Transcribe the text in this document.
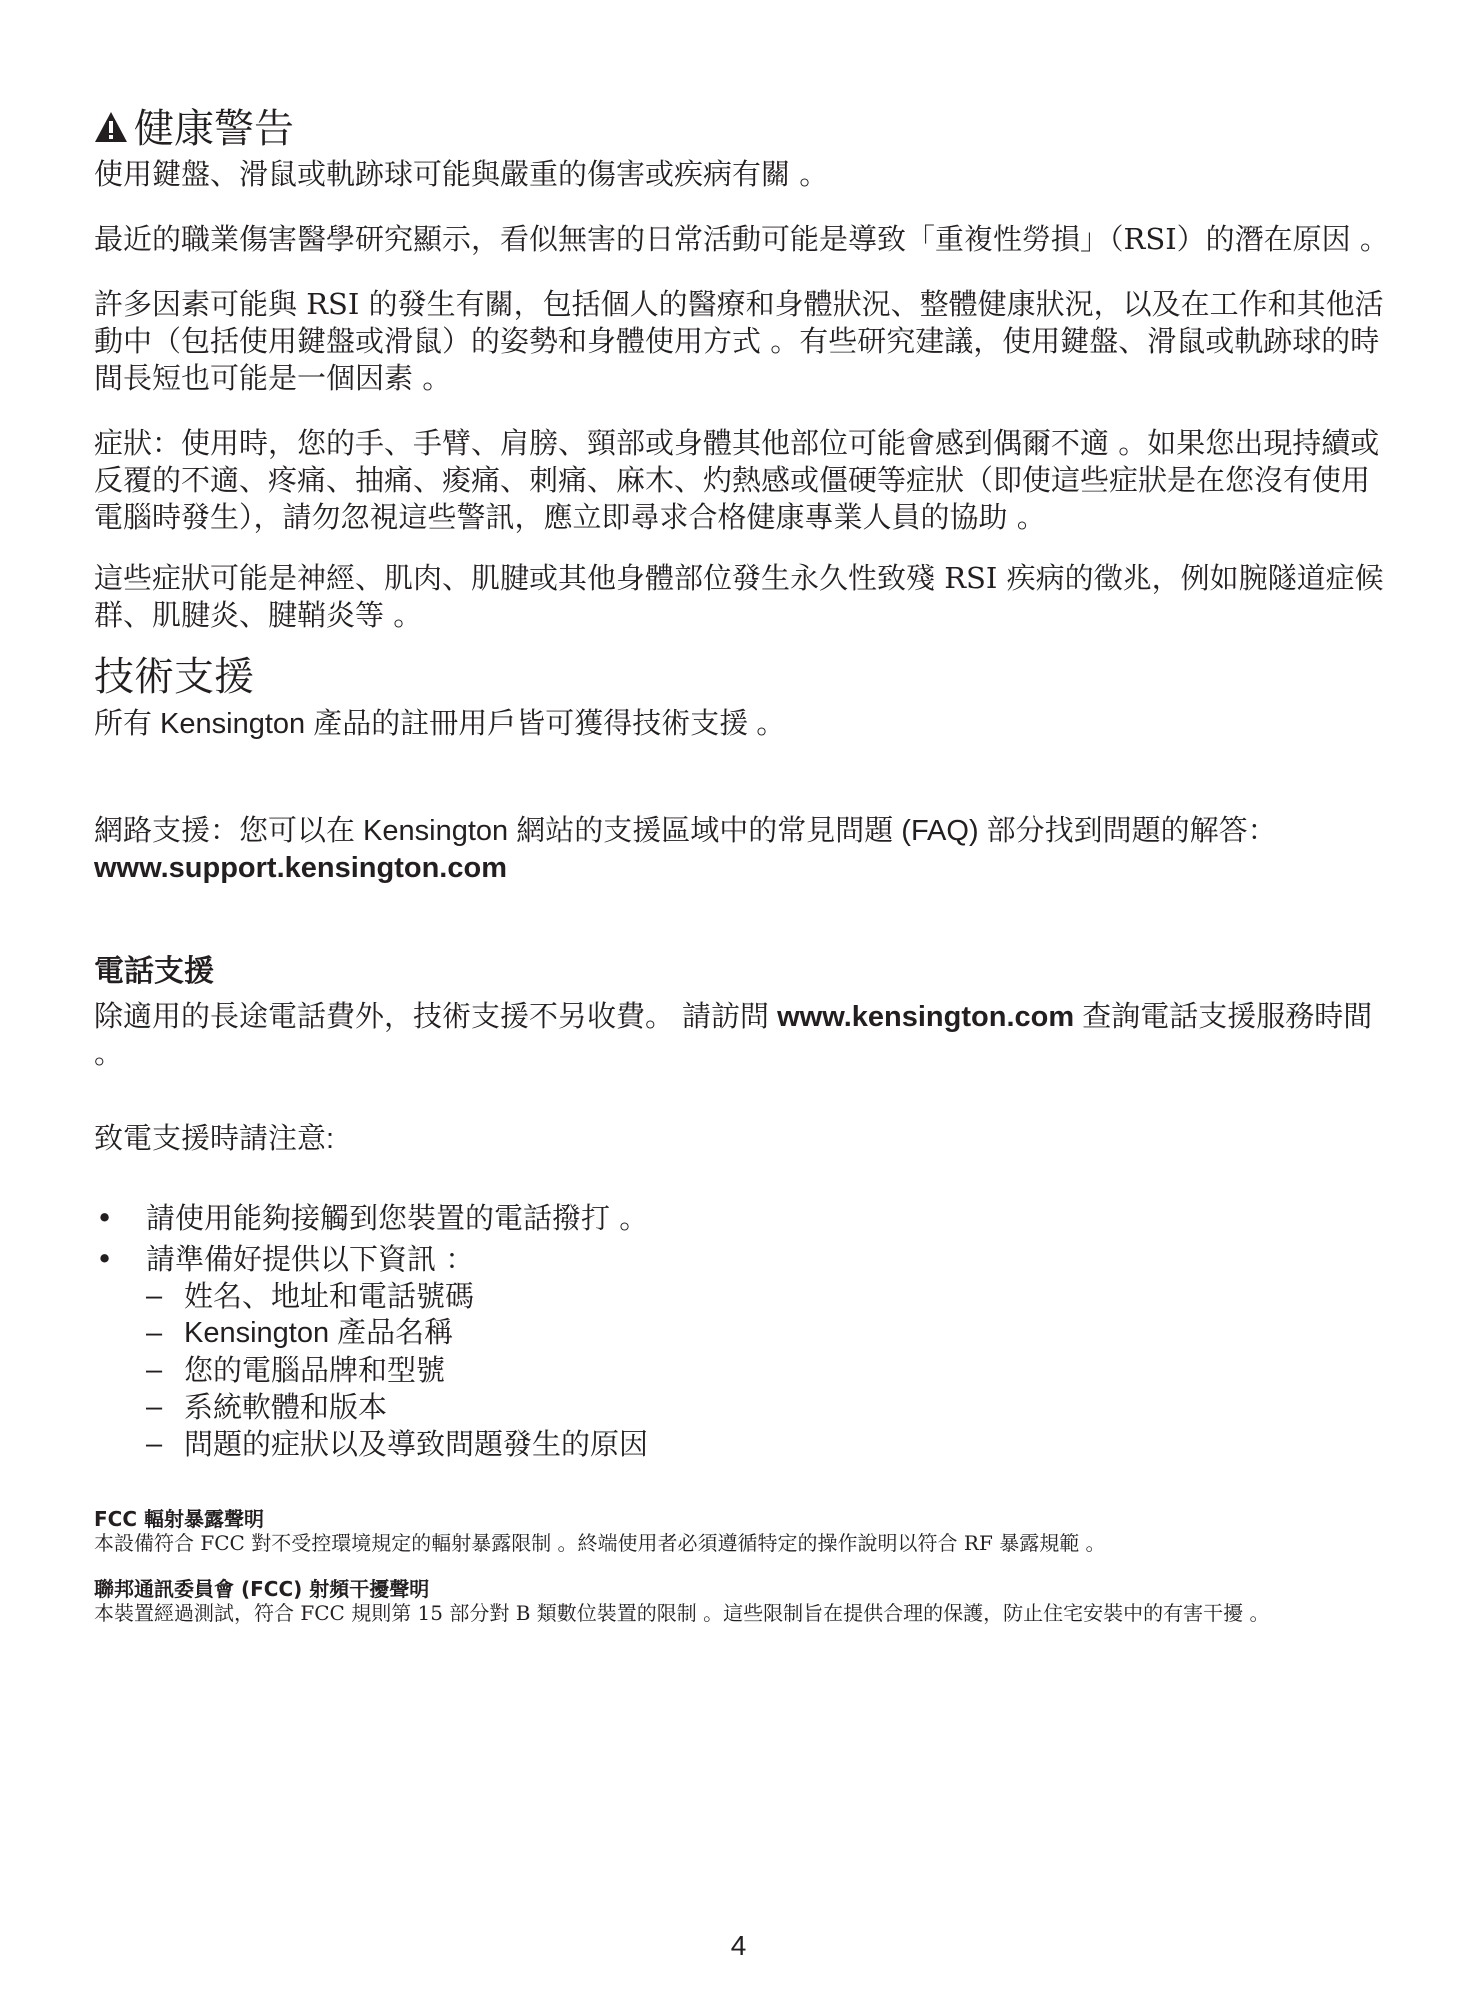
健康警告

使用鍵盤、滑鼠或軌跡球可能與嚴重的傷害或疾病有關 。

最近的職業傷害醫學研究顯示，看似無害的日常活動可能是導致「重複性勞損」（RSI）的潛在原因 。

許多因素可能與 RSI 的發生有關，包括個人的醫療和身體狀況、整體健康狀況，以及在工作和其他活動中（包括使用鍵盤或滑鼠）的姿勢和身體使用方式 。有些研究建議，使用鍵盤、滑鼠或軌跡球的時間長短也可能是一個因素 。

症狀：使用時，您的手、手臂、肩膀、頸部或身體其他部位可能會感到偶爾不適 。如果您出現持續或反覆的不適、疼痛、抽痛、痠痛、刺痛、麻木、灼熱感或僵硬等症狀（即使這些症狀是在您沒有使用電腦時發生），請勿忽視這些警訊，應立即尋求合格健康專業人員的協助 。

這些症狀可能是神經、肌肉、肌腱或其他身體部位發生永久性致殘 RSI 疾病的徵兆，例如腕隧道症候群、肌腱炎、腱鞘炎等 。

技術支援

所有 Kensington 產品的註冊用戶皆可獲得技術支援 。

網路支援：您可以在 Kensington 網站的支援區域中的常見問題 (FAQ) 部分找到問題的解答：www.support.kensington.com

電話支援

除適用的長途電話費外，技術支援不另收費。 請訪問 www.kensington.com 查詢電話支援服務時間 。

致電支援時請注意:

• 請使用能夠接觸到您裝置的電話撥打 。
• 請準備好提供以下資訊 ：
– 姓名、地址和電話號碼
– Kensington 產品名稱
– 您的電腦品牌和型號
– 系統軟體和版本
– 問題的症狀以及導致問題發生的原因

FCC 輻射暴露聲明

本設備符合 FCC 對不受控環境規定的輻射暴露限制 。終端使用者必須遵循特定的操作說明以符合 RF 暴露規範 。

聯邦通訊委員會 (FCC) 射頻干擾聲明

本裝置經過測試，符合 FCC 規則第 15 部分對 B 類數位裝置的限制 。這些限制旨在提供合理的保護，防止住宅安裝中的有害干擾 。

4
